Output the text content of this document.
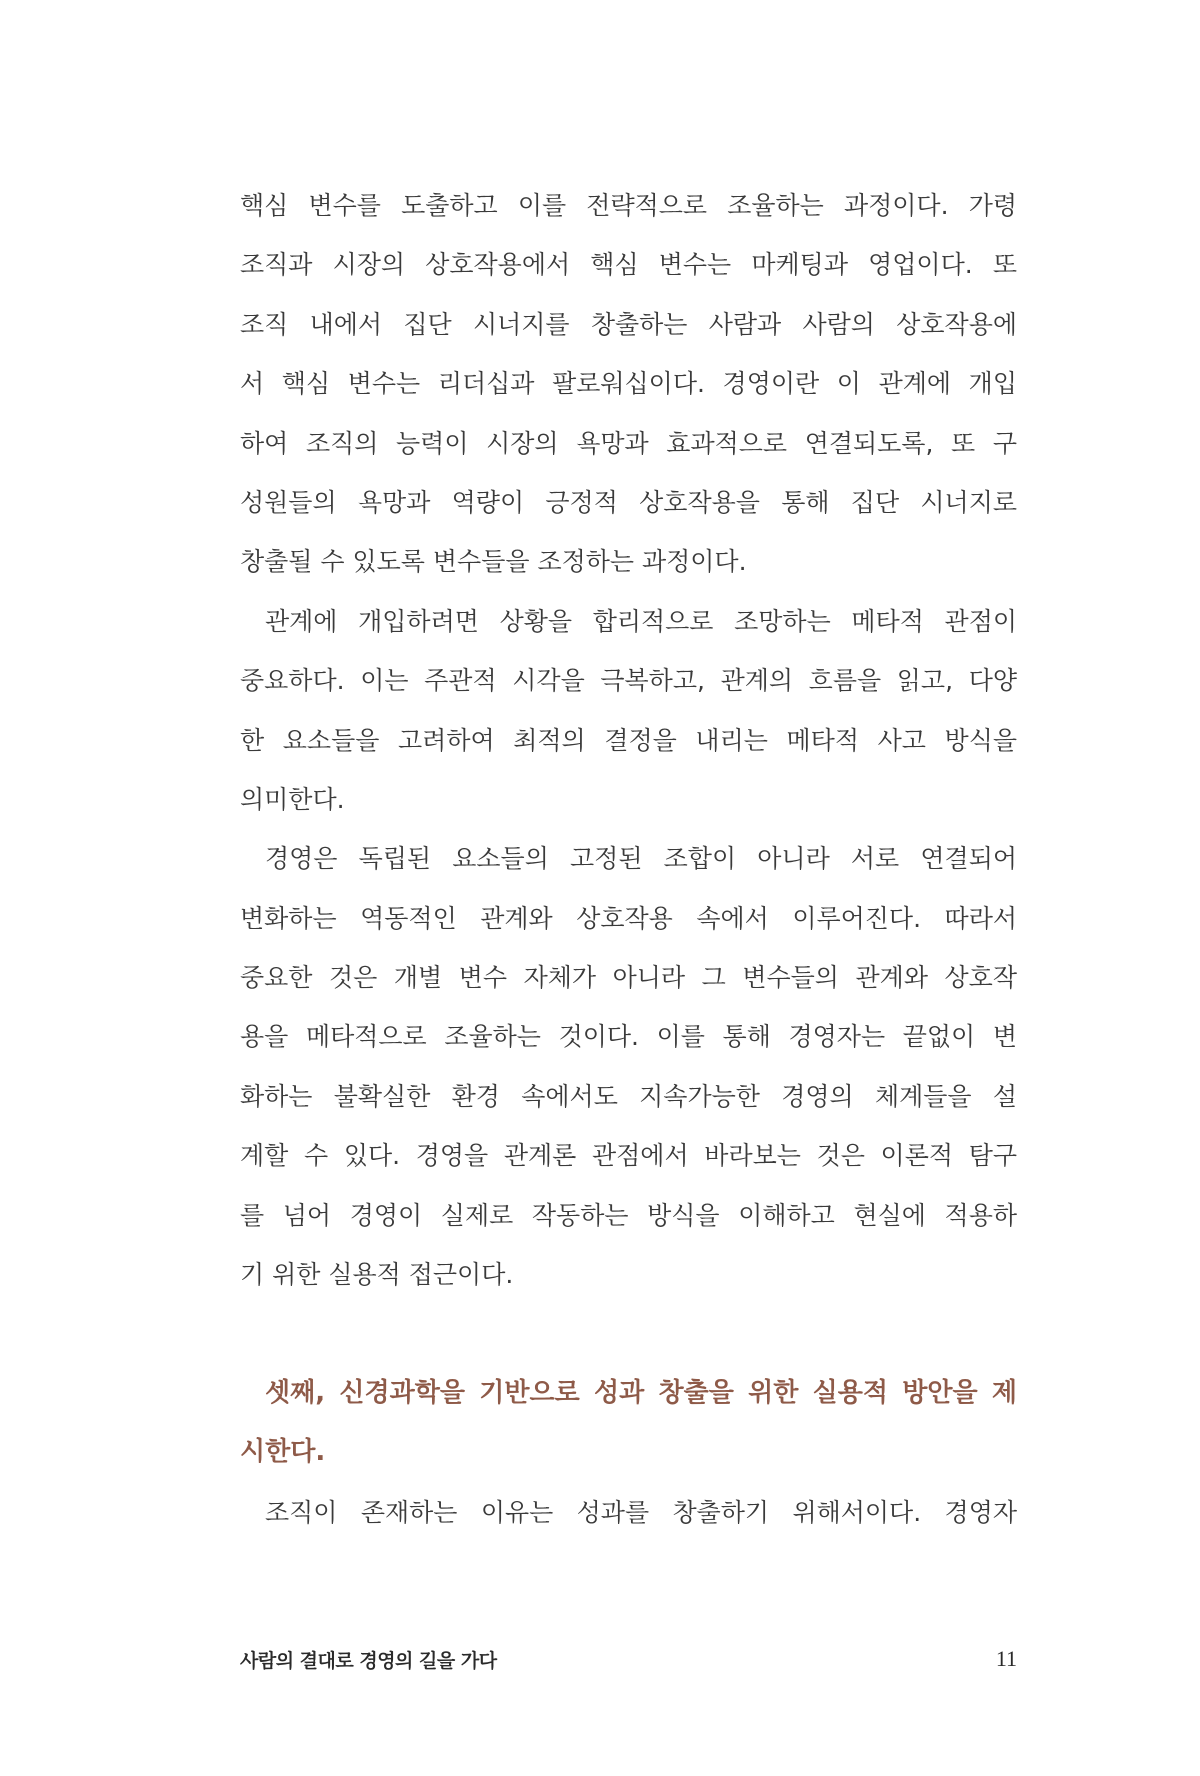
핵심 변수를 도출하고 이를 전략적으로 조율하는 과정이다. 가령
조직과 시장의 상호작용에서 핵심 변수는 마케팅과 영업이다. 또
조직 내에서 집단 시너지를 창출하는 사람과 사람의 상호작용에
서 핵심 변수는 리더십과 팔로워십이다. 경영이란 이 관계에 개입
하여 조직의 능력이 시장의 욕망과 효과적으로 연결되도록, 또 구
성원들의 욕망과 역량이 긍정적 상호작용을 통해 집단 시너지로
창출될 수 있도록 변수들을 조정하는 과정이다.
관계에 개입하려면 상황을 합리적으로 조망하는 메타적 관점이
중요하다. 이는 주관적 시각을 극복하고, 관계의 흐름을 읽고, 다양
한 요소들을 고려하여 최적의 결정을 내리는 메타적 사고 방식을
의미한다.
경영은 독립된 요소들의 고정된 조합이 아니라 서로 연결되어
변화하는 역동적인 관계와 상호작용 속에서 이루어진다. 따라서
중요한 것은 개별 변수 자체가 아니라 그 변수들의 관계와 상호작
용을 메타적으로 조율하는 것이다. 이를 통해 경영자는 끝없이 변
화하는 불확실한 환경 속에서도 지속가능한 경영의 체계들을 설
계할 수 있다. 경영을 관계론 관점에서 바라보는 것은 이론적 탐구
를 넘어 경영이 실제로 작동하는 방식을 이해하고 현실에 적용하
기 위한 실용적 접근이다.
셋째, 신경과학을 기반으로 성과 창출을 위한 실용적 방안을 제
시한다.
조직이 존재하는 이유는 성과를 창출하기 위해서이다. 경영자
사람의 결대로 경영의 길을 가다	11
